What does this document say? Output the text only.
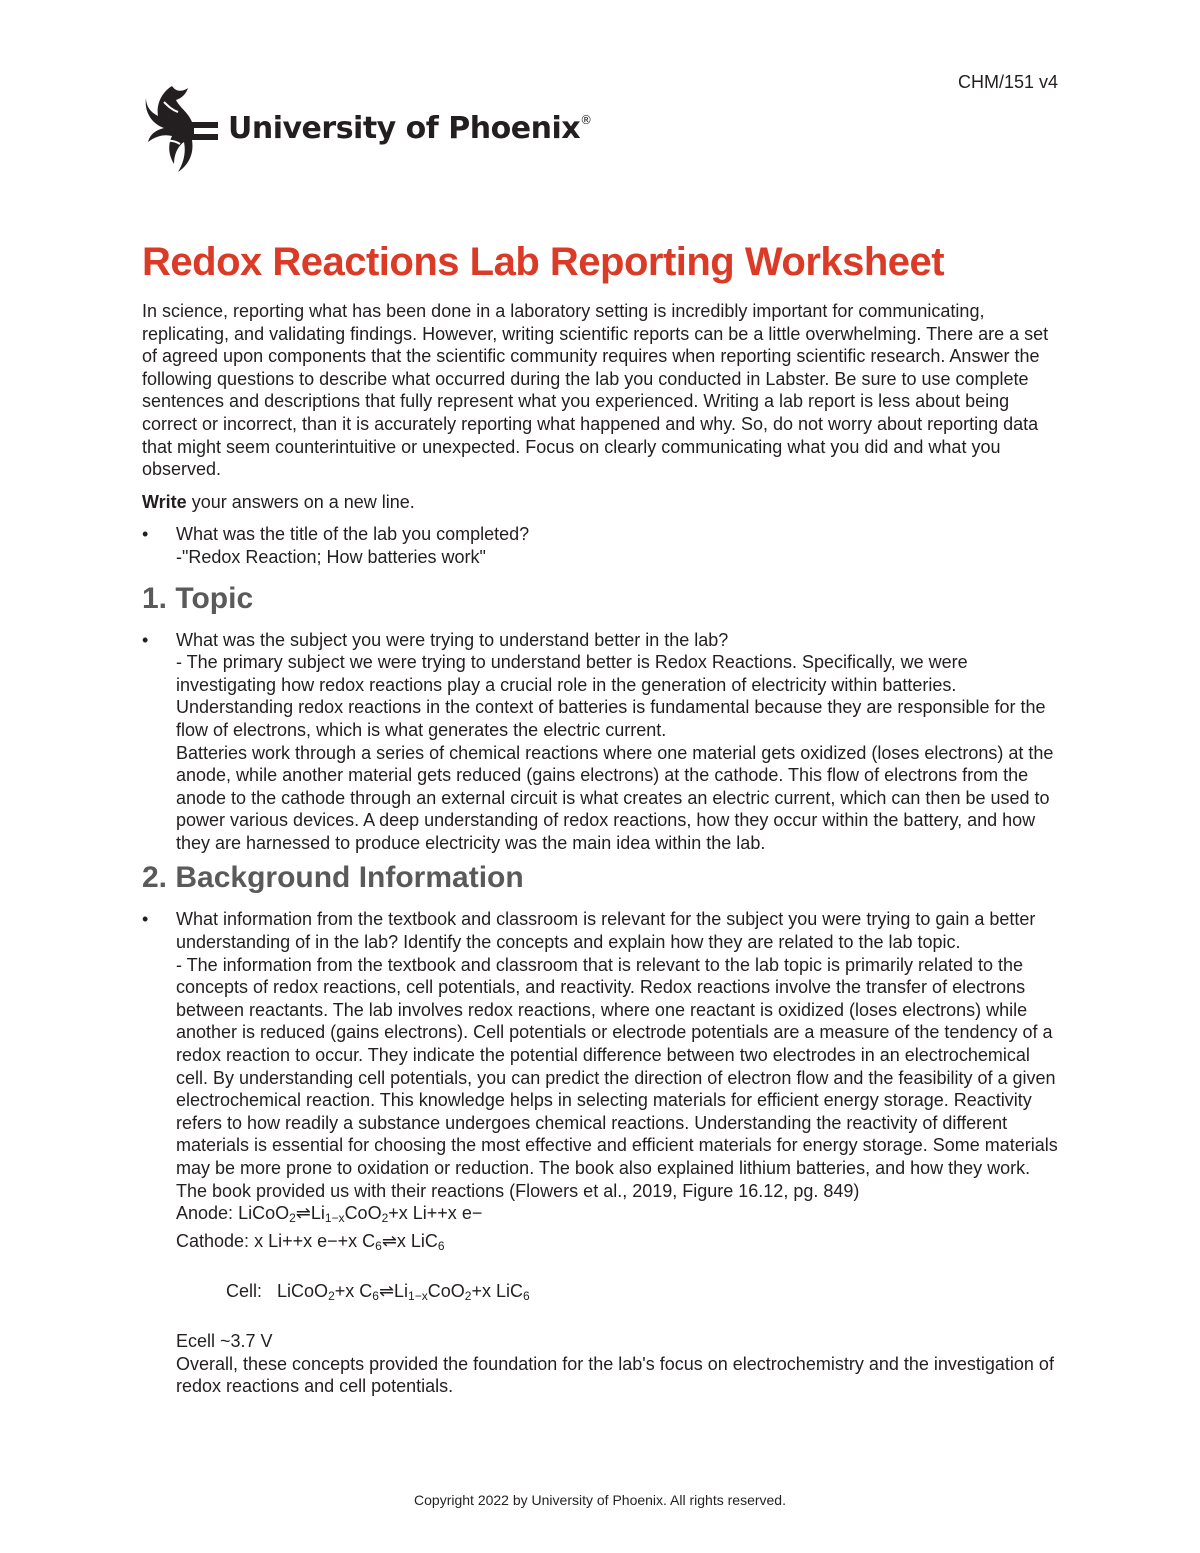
CHM/151 v4
University of Phoenix®
Redox Reactions Lab Reporting Worksheet

In science, reporting what has been done in a laboratory setting is incredibly important for communicating, replicating, and validating findings. However, writing scientific reports can be a little overwhelming. There are a set of agreed upon components that the scientific community requires when reporting scientific research. Answer the following questions to describe what occurred during the lab you conducted in Labster. Be sure to use complete sentences and descriptions that fully represent what you experienced. Writing a lab report is less about being correct or incorrect, than it is accurately reporting what happened and why. So, do not worry about reporting data that might seem counterintuitive or unexpected. Focus on clearly communicating what you did and what you observed.

Write your answers on a new line.

• What was the title of the lab you completed?
-"Redox Reaction; How batteries work"
1. Topic
• What was the subject you were trying to understand better in the lab?
- The primary subject we were trying to understand better is Redox Reactions. Specifically, we were investigating how redox reactions play a crucial role in the generation of electricity within batteries. Understanding redox reactions in the context of batteries is fundamental because they are responsible for the flow of electrons, which is what generates the electric current.
Batteries work through a series of chemical reactions where one material gets oxidized (loses electrons) at the anode, while another material gets reduced (gains electrons) at the cathode. This flow of electrons from the anode to the cathode through an external circuit is what creates an electric current, which can then be used to power various devices. A deep understanding of redox reactions, how they occur within the battery, and how they are harnessed to produce electricity was the main idea within the lab.
2. Background Information
• What information from the textbook and classroom is relevant for the subject you were trying to gain a better understanding of in the lab? Identify the concepts and explain how they are related to the lab topic.
- The information from the textbook and classroom that is relevant to the lab topic is primarily related to the concepts of redox reactions, cell potentials, and reactivity. Redox reactions involve the transfer of electrons between reactants. The lab involves redox reactions, where one reactant is oxidized (loses electrons) while another is reduced (gains electrons). Cell potentials or electrode potentials are a measure of the tendency of a redox reaction to occur. They indicate the potential difference between two electrodes in an electrochemical cell. By understanding cell potentials, you can predict the direction of electron flow and the feasibility of a given electrochemical reaction. This knowledge helps in selecting materials for efficient energy storage. Reactivity refers to how readily a substance undergoes chemical reactions. Understanding the reactivity of different materials is essential for choosing the most effective and efficient materials for energy storage. Some materials may be more prone to oxidation or reduction. The book also explained lithium batteries, and how they work. The book provided us with their reactions (Flowers et al., 2019, Figure 16.12, pg. 849)
Anode: $LiCoO_2\rightleftharpoons Li_{1-x}CoO_2+x$ Li++x e−
Cathode: x Li++x e−+x $C_6\rightleftharpoons x$ LiC$_6$

Cell:   LiCoO$_2$+x $C_6\rightleftharpoons Li_{1-x}CoO_2+x$ LiC$_6$

Ecell ~3.7 V
Overall, these concepts provided the foundation for the lab's focus on electrochemistry and the investigation of redox reactions and cell potentials.
Copyright 2022 by University of Phoenix. All rights reserved.
